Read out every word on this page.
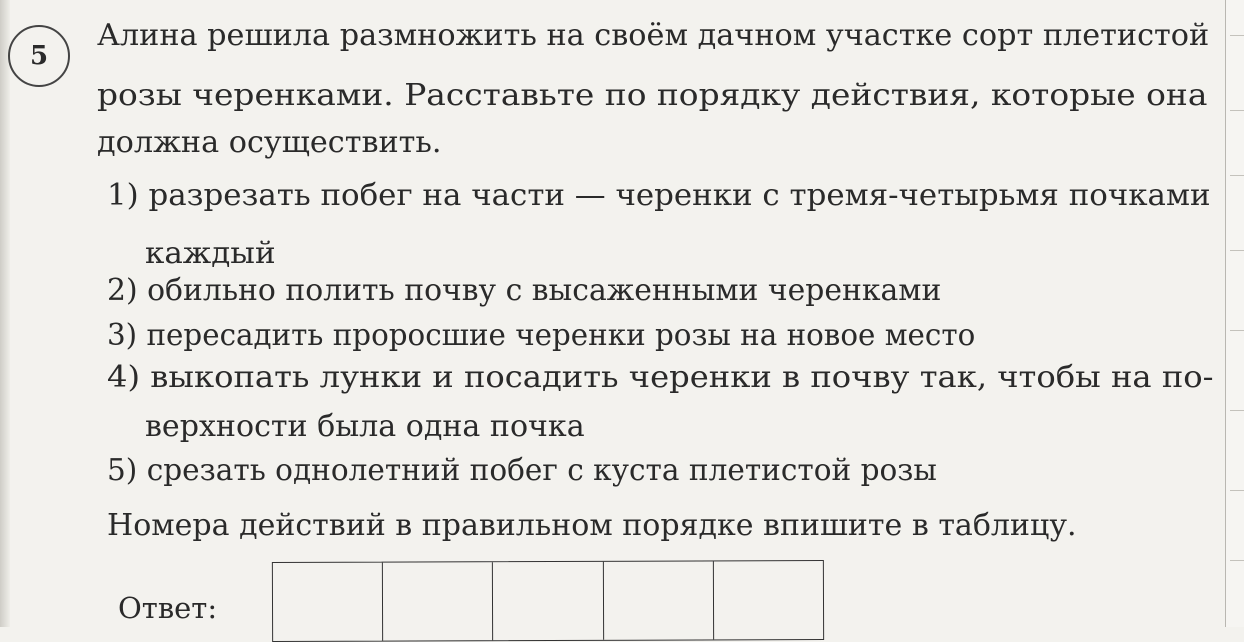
5
Алина решила размножить на своём дачном участке сорт плетистой
розы черенками. Расставьте по порядку действия, которые она
должна осуществить.
1) разрезать побег на части — черенки с тремя-четырьмя почками
каждый
2) обильно полить почву с высаженными черенками
3) пересадить проросшие черенки розы на новое место
4) выкопать лунки и посадить черенки в почву так, чтобы на по-
верхности была одна почка
5) срезать однолетний побег с куста плетистой розы
Номера действий в правильном порядке впишите в таблицу.
Ответ:
